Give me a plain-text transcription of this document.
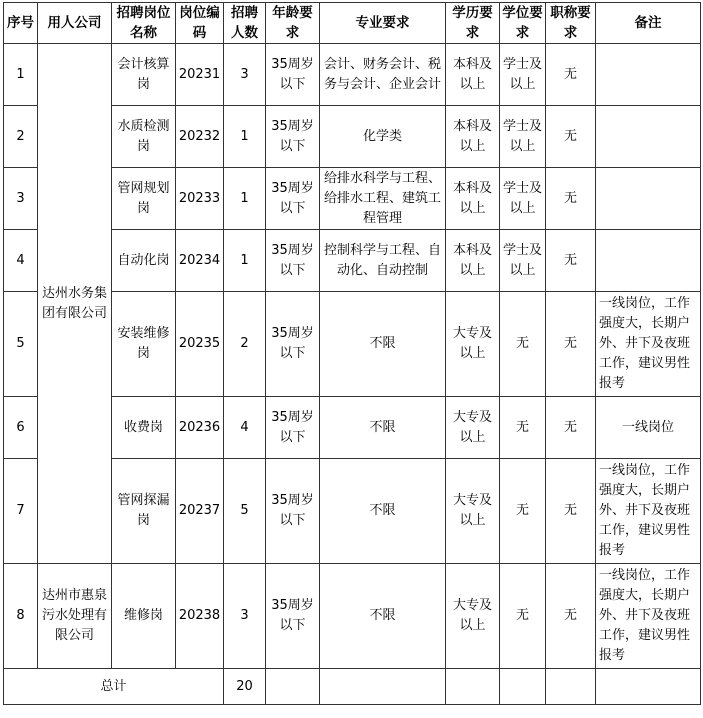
序号	用人公司	招聘岗位名称	岗位编码	招聘人数	年龄要求	专业要求	学历要求	学位要求	职称要求	备注
1	达州水务集团有限公司	会计核算岗	20231	3	35周岁以下	会计、财务会计、税务与会计、企业会计	本科及以上	学士及以上	无	
2		水质检测岗	20232	1	35周岁以下	化学类	本科及以上	学士及以上	无	
3		管网规划岗	20233	1	35周岁以下	给排水科学与工程、给排水工程、建筑工程管理	本科及以上	学士及以上	无	
4		自动化岗	20234	1	35周岁以下	控制科学与工程、自动化、自动控制	本科及以上	学士及以上	无	
5		安装维修岗	20235	2	35周岁以下	不限	大专及以上	无	无	一线岗位，工作强度大，长期户外、井下及夜班工作，建议男性报考
6		收费岗	20236	4	35周岁以下	不限	大专及以上	无	无	一线岗位
7		管网探漏岗	20237	5	35周岁以下	不限	大专及以上	无	无	一线岗位，工作强度大，长期户外、井下及夜班工作，建议男性报考
8	达州市惠泉污水处理有限公司	维修岗	20238	3	35周岁以下	不限	大专及以上	无	无	一线岗位，工作强度大，长期户外、井下及夜班工作，建议男性报考
总计				20						
